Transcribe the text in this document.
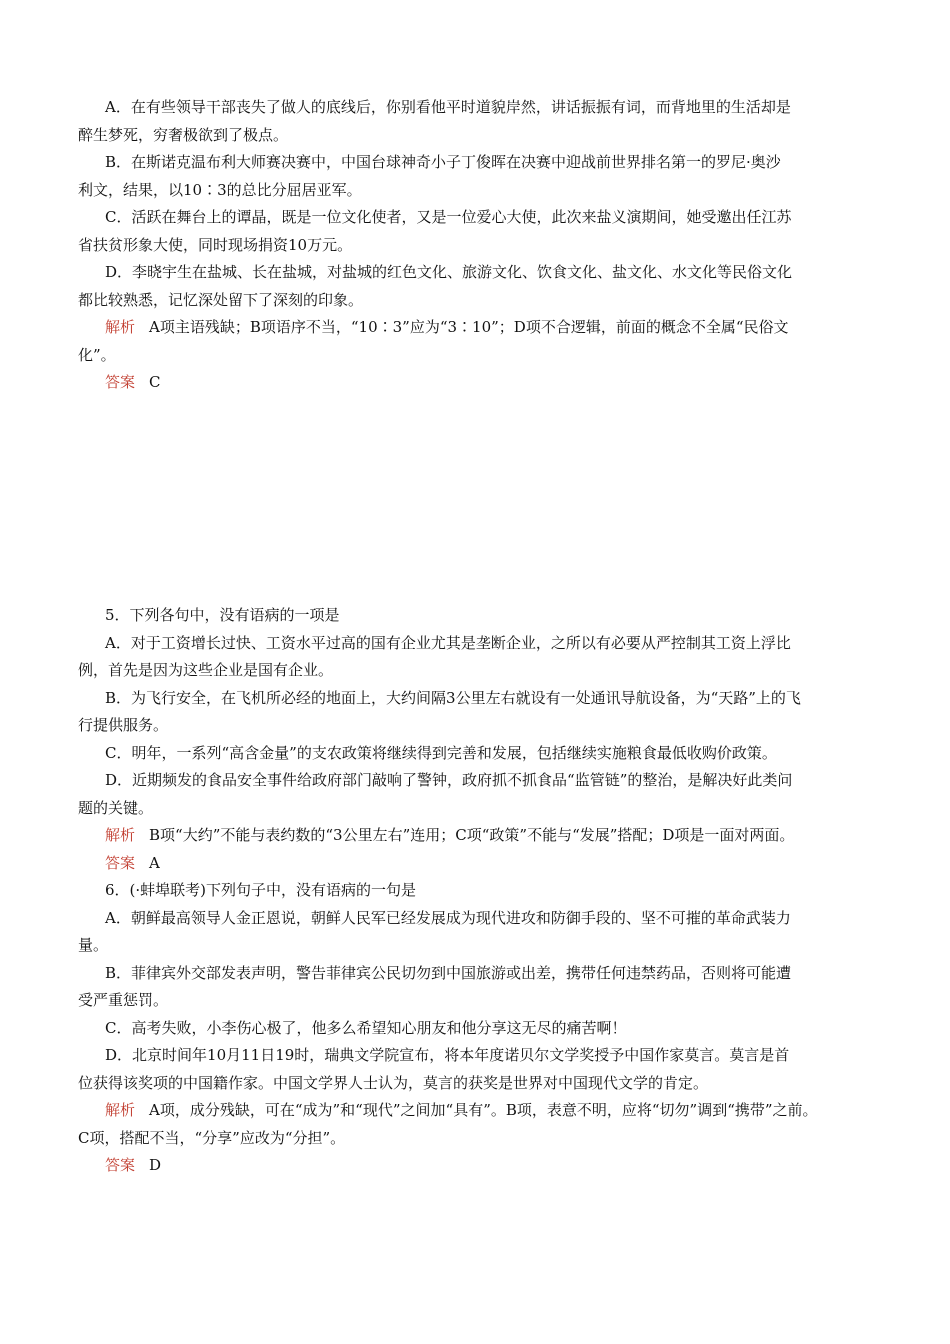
A．在有些领导干部丧失了做人的底线后，你别看他平时道貌岸然，讲话振振有词，而背地里的生活却是

醉生梦死，穷奢极欲到了极点。

B．在斯诺克温布利大师赛决赛中，中国台球神奇小子丁俊晖在决赛中迎战前世界排名第一的罗尼·奥沙

利文，结果，以10∶3的总比分屈居亚军。

C．活跃在舞台上的谭晶，既是一位文化使者，又是一位爱心大使，此次来盐义演期间，她受邀出任江苏

省扶贫形象大使，同时现场捐资10万元。

D．李晓宇生在盐城、长在盐城，对盐城的红色文化、旅游文化、饮食文化、盐文化、水文化等民俗文化

都比较熟悉，记忆深处留下了深刻的印象。

解析 A项主语残缺；B项语序不当，“10∶3”应为“3∶10”；D项不合逻辑，前面的概念不全属“民俗文

化”。

答案 C

5．下列各句中，没有语病的一项是

A．对于工资增长过快、工资水平过高的国有企业尤其是垄断企业，之所以有必要从严控制其工资上浮比

例，首先是因为这些企业是国有企业。

B．为飞行安全，在飞机所必经的地面上，大约间隔3公里左右就设有一处通讯导航设备，为“天路”上的飞

行提供服务。

C．明年，一系列“高含金量”的支农政策将继续得到完善和发展，包括继续实施粮食最低收购价政策。

D．近期频发的食品安全事件给政府部门敲响了警钟，政府抓不抓食品“监管链”的整治，是解决好此类问

题的关键。

解析 B项“大约”不能与表约数的“3公里左右”连用；C项“政策”不能与“发展”搭配；D项是一面对两面。

答案 A

6．(·蚌埠联考)下列句子中，没有语病的一句是

A．朝鲜最高领导人金正恩说，朝鲜人民军已经发展成为现代进攻和防御手段的、坚不可摧的革命武装力

量。

B．菲律宾外交部发表声明，警告菲律宾公民切勿到中国旅游或出差，携带任何违禁药品，否则将可能遭

受严重惩罚。

C．高考失败，小李伤心极了，他多么希望知心朋友和他分享这无尽的痛苦啊！

D．北京时间年10月11日19时，瑞典文学院宣布，将本年度诺贝尔文学奖授予中国作家莫言。莫言是首

位获得该奖项的中国籍作家。中国文学界人士认为，莫言的获奖是世界对中国现代文学的肯定。

解析 A项，成分残缺，可在“成为”和“现代”之间加“具有”。B项，表意不明，应将“切勿”调到“携带”之前。

C项，搭配不当，“分享”应改为“分担”。

答案 D
